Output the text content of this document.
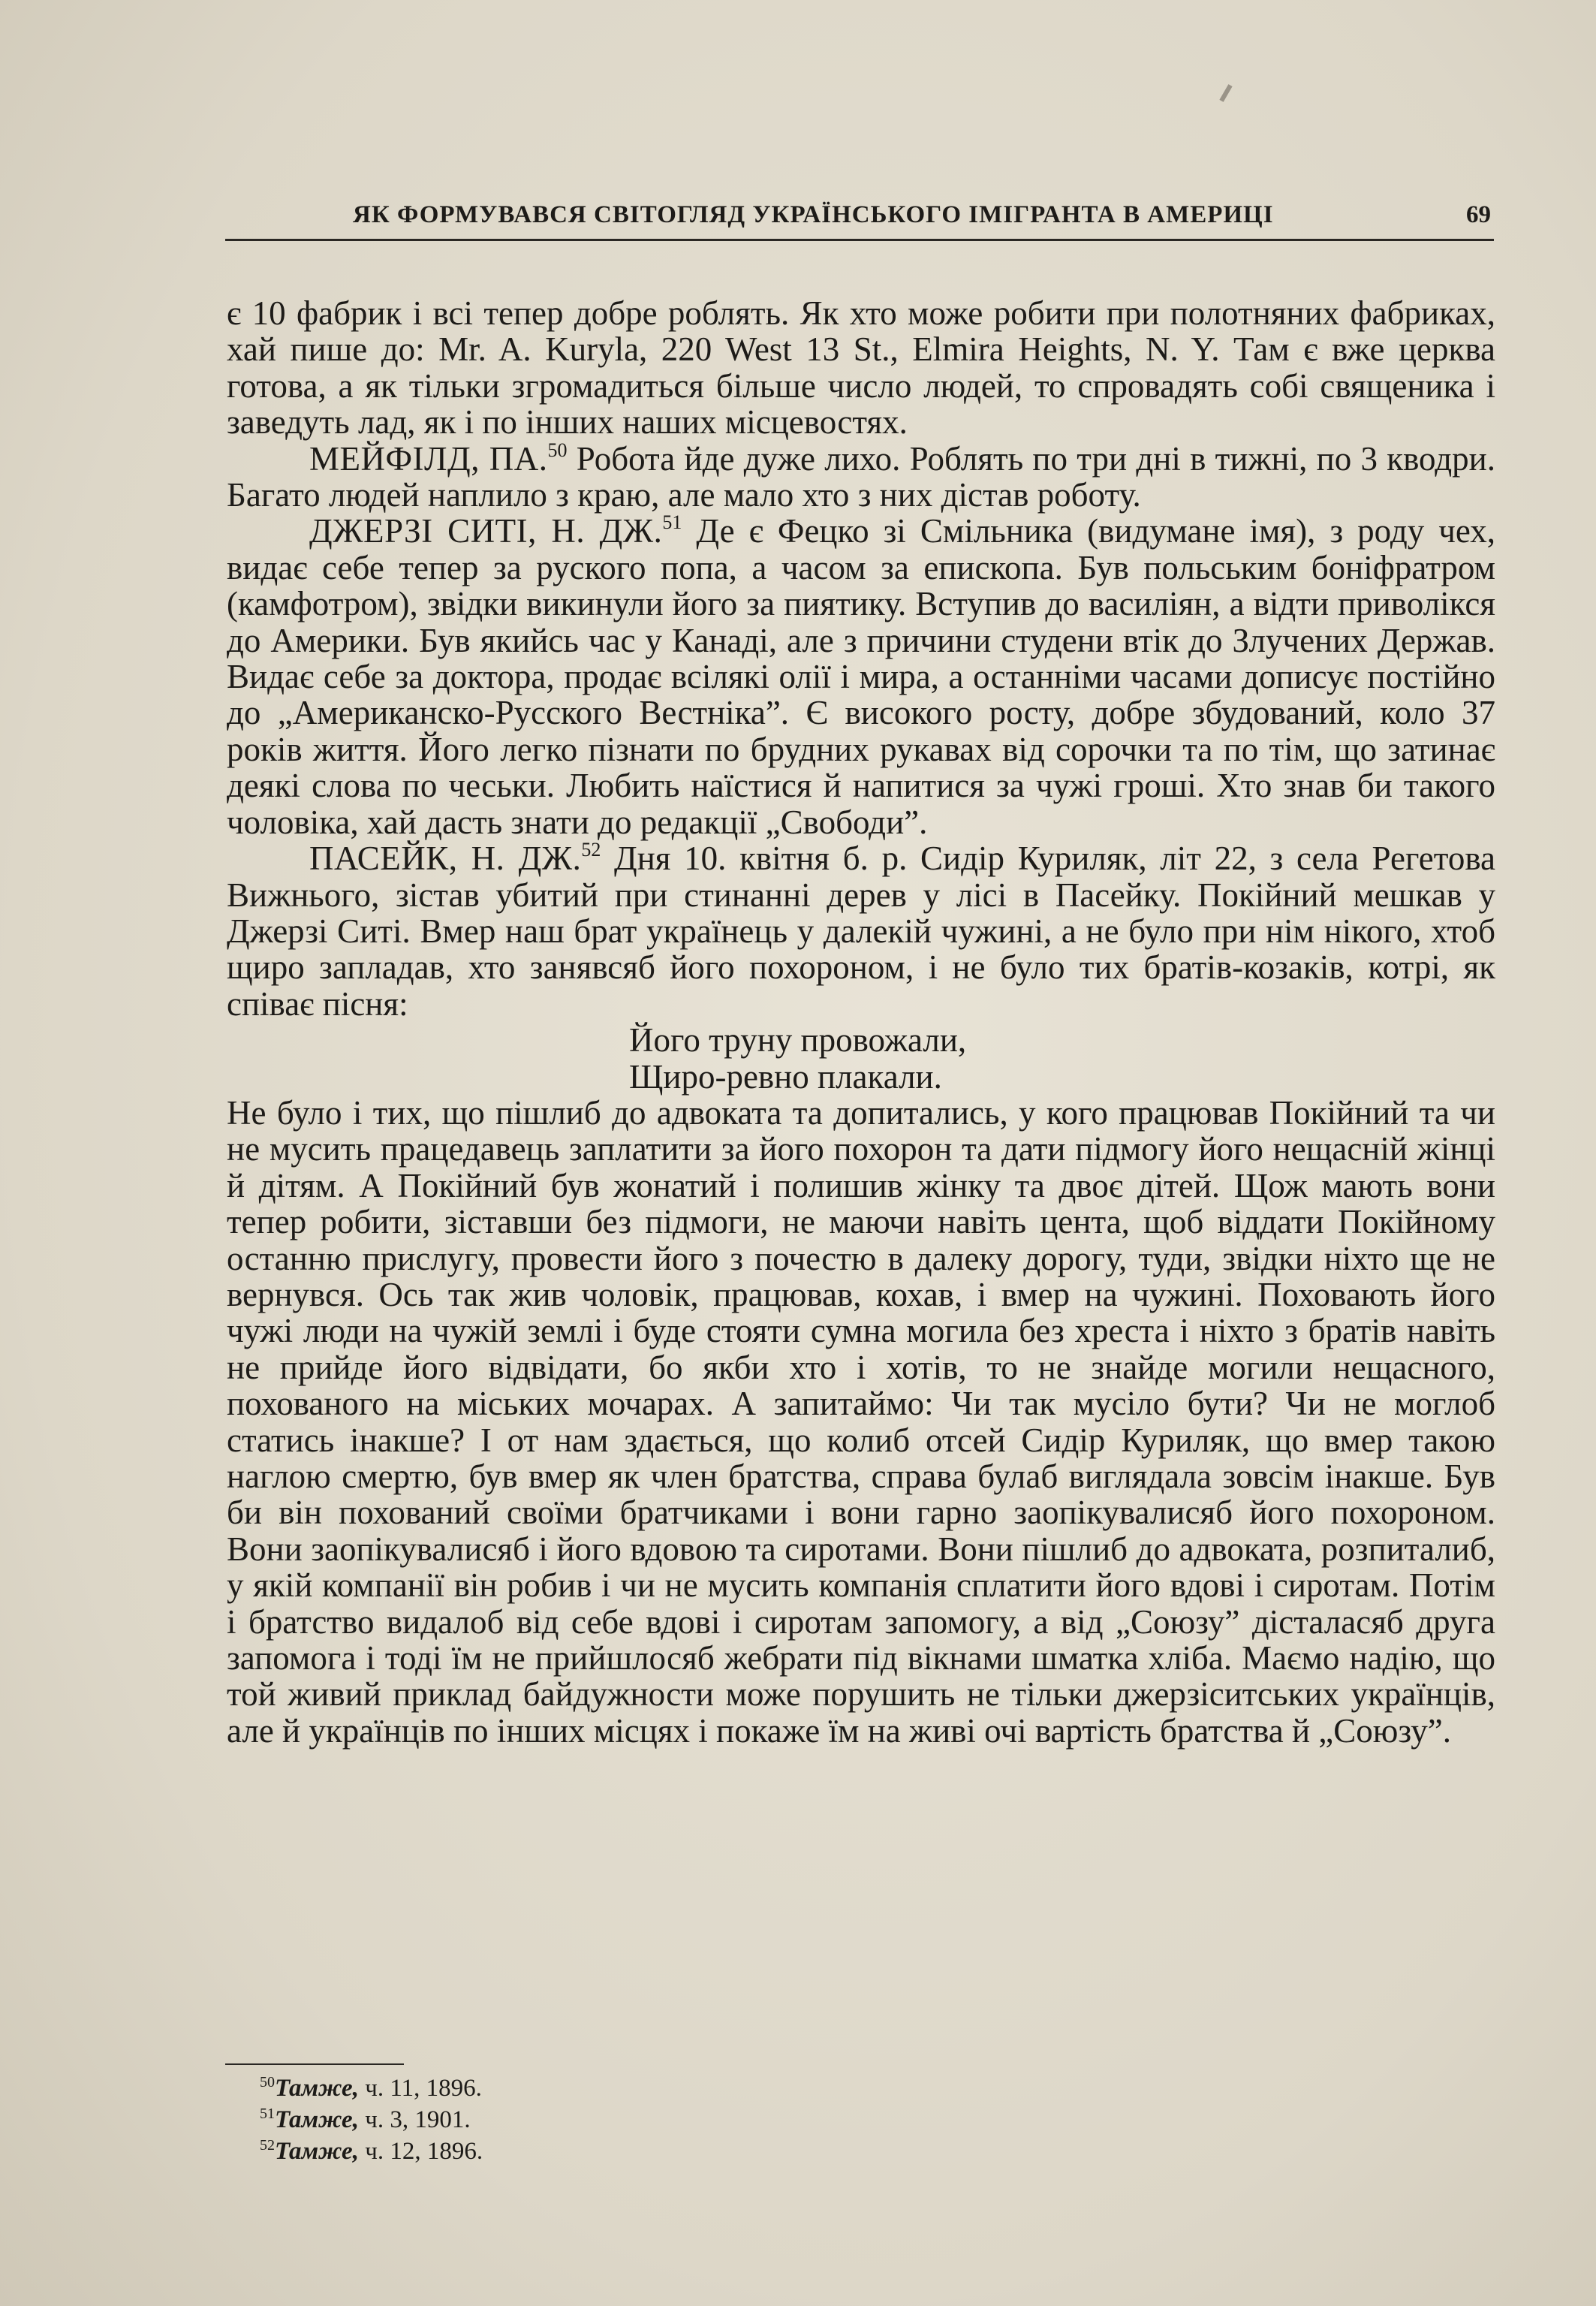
ЯК ФОРМУВАВСЯ СВІТОГЛЯД УКРАЇНСЬКОГО ІМІГРАНТА В АМЕРИЦІ	69

є 10 фабрик і всі тепер добре роблять. Як хто може робити при полотняних фабриках, хай пише до: Mr. A. Kuryla, 220 West 13 St., Elmira Heights, N. Y. Там є вже церква готова, а як тільки згромадиться більше число людей, то спровадять собі священика і заведуть лад, як і по інших наших місцевостях.

МЕЙФІЛД, ПА.$^{50}$ Робота йде дуже лихо. Роблять по три дні в тижні, по 3 кводри. Багато людей наплило з краю, але мало хто з них дістав роботу.

ДЖЕРЗІ СИТІ, Н. ДЖ.$^{51}$ Де є Фецко зі Смільника (видумане імя), з роду чех, видає себе тепер за руского попа, а часом за епископа. Був польським боніфратром (камфотром), звідки викинули його за пиятику. Вступив до василіян, а відти приволікся до Америки. Був якийсь час у Канаді, але з причини студени втік до Злучених Держав. Видає себе за доктора, продає всілякі олії і мира, а останніми часами дописує постійно до „Американско-Русского Вестніка”. Є високого росту, добре збудований, коло 37 років життя. Його легко пізнати по брудних рукавах від сорочки та по тім, що затинає деякі слова по чеськи. Любить наїстися й напитися за чужі гроші. Хто знав би такого чоловіка, хай дасть знати до редакції „Свободи”.

ПАСЕЙК, Н. ДЖ.$^{52}$ Дня 10. квітня б. р. Сидір Куриляк, літ 22, з села Регетова Вижнього, зістав убитий при стинанні дерев у лісі в Пасейку. Покійний мешкав у Джерзі Ситі. Вмер наш брат українець у далекій чужині, а не було при нім нікого, хтоб щиро запладав, хто занявсяб його похороном, і не було тих братів-козаків, котрі, як співає пісня:

Його труну провожали,
Щиро-ревно плакали.

Не було і тих, що пішлиб до адвоката та допитались, у кого працював Покійний та чи не мусить працедавець заплатити за його похорон та дати підмогу його нещасній жінці й дітям. А Покійний був жонатий і полишив жінку та двоє дітей. Щож мають вони тепер робити, зіставши без підмоги, не маючи навіть цента, щоб віддати Покійному останню прислугу, провести його з почестю в далеку дорогу, туди, звідки ніхто ще не вернувся. Ось так жив чоловік, працював, кохав, і вмер на чужині. Поховають його чужі люди на чужій землі і буде стояти сумна могила без хреста і ніхто з братів навіть не прийде його відвідати, бо якби хто і хотів, то не знайде могили нещасного, похованого на міських мочарах. А запитаймо: Чи так мусіло бути? Чи не моглоб статись інакше? І от нам здається, що колиб отсей Сидір Куриляк, що вмер такою наглою смертю, був вмер як член братства, справа булаб виглядала зовсім інакше. Був би він похований своїми братчиками і вони гарно заопікувалисяб його похороном. Вони заопікувалисяб і його вдовою та сиротами. Вони пішлиб до адвоката, розпиталиб, у якій компанії він робив і чи не мусить компанія сплатити його вдові і сиротам. Потім і братство видалоб від себе вдові і сиротам запомогу, а від „Союзу” дісталасяб друга запомога і тоді їм не прийшлосяб жебрати під вікнами шматка хліба. Маємо надію, що той живий приклад байдужности може порушить не тільки джерзіситських українців, але й українців по інших місцях і покаже їм на живі очі вартість братства й „Союзу”.

$^{50}$Тамже, ч. 11, 1896.
$^{51}$Тамже, ч. 3, 1901.
$^{52}$Тамже, ч. 12, 1896.
